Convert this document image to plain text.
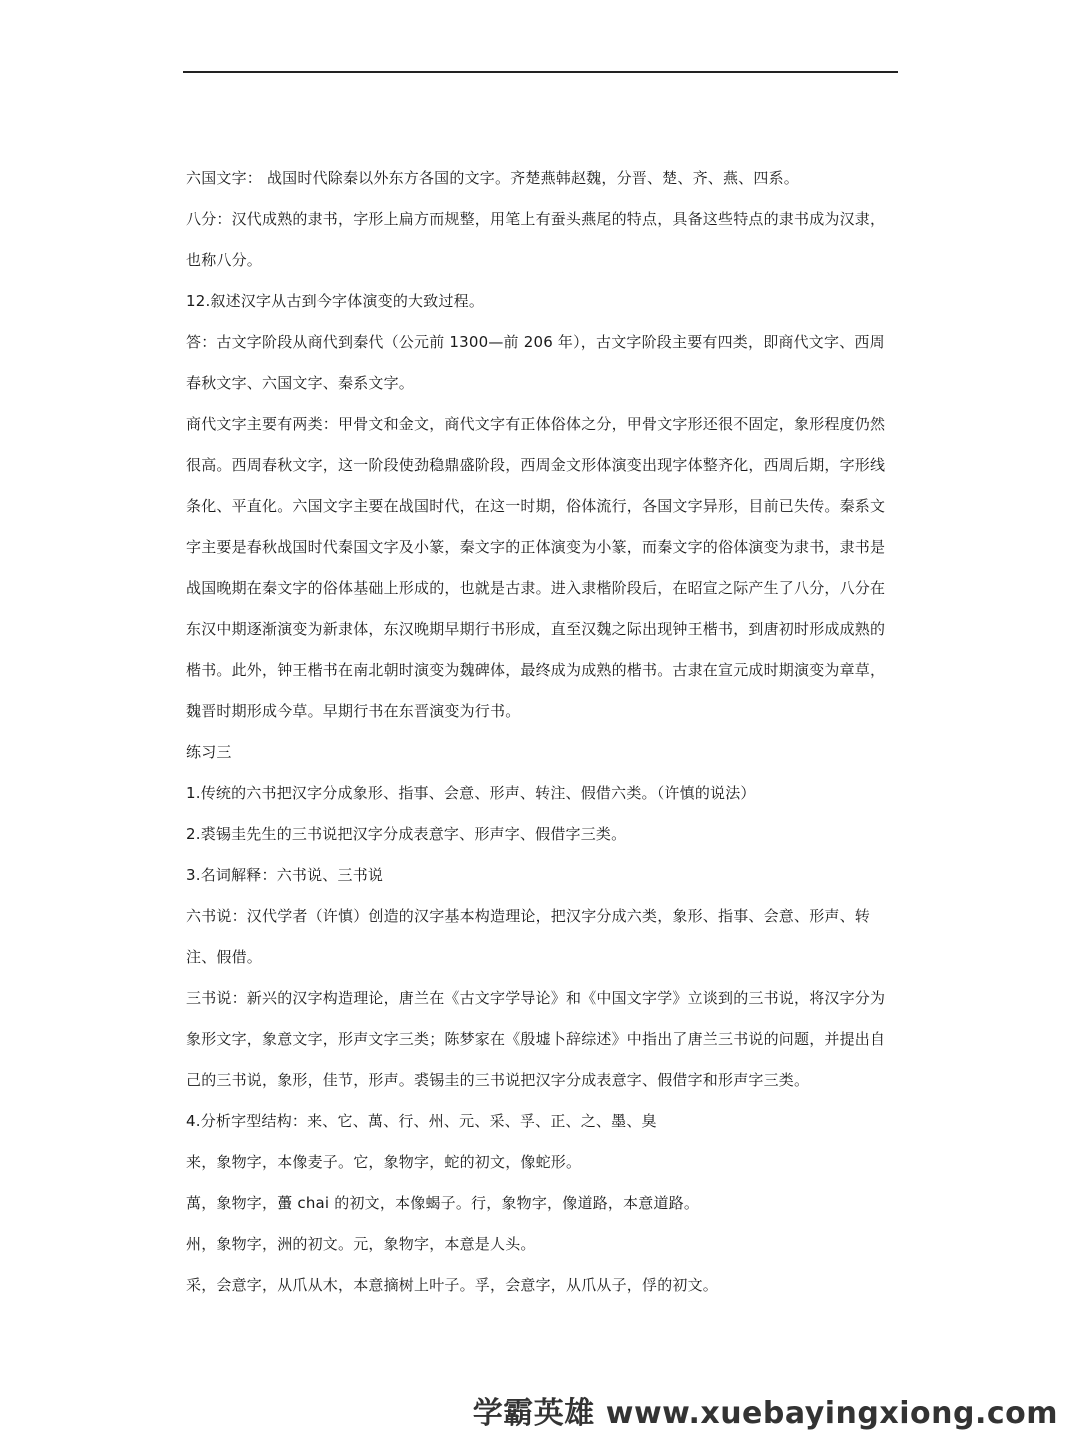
六国文字： 战国时代除秦以外东方各国的文字。齐楚燕韩赵魏，分晋、楚、齐、燕、四系。
八分：汉代成熟的隶书，字形上扁方而规整，用笔上有蚕头燕尾的特点，具备这些特点的隶书成为汉隶，
也称八分。
12.叙述汉字从古到今字体演变的大致过程。
答：古文字阶段从商代到秦代（公元前 1300—前 206 年），古文字阶段主要有四类，即商代文字、西周
春秋文字、六国文字、秦系文字。
商代文字主要有两类：甲骨文和金文，商代文字有正体俗体之分，甲骨文字形还很不固定，象形程度仍然
很高。西周春秋文字，这一阶段使劲稳鼎盛阶段，西周金文形体演变出现字体整齐化，西周后期，字形线
条化、平直化。六国文字主要在战国时代，在这一时期，俗体流行，各国文字异形，目前已失传。秦系文
字主要是春秋战国时代秦国文字及小篆，秦文字的正体演变为小篆，而秦文字的俗体演变为隶书，隶书是
战国晚期在秦文字的俗体基础上形成的，也就是古隶。进入隶楷阶段后，在昭宣之际产生了八分，八分在
东汉中期逐渐演变为新隶体，东汉晚期早期行书形成，直至汉魏之际出现钟王楷书，到唐初时形成成熟的
楷书。此外，钟王楷书在南北朝时演变为魏碑体，最终成为成熟的楷书。古隶在宣元成时期演变为章草，
魏晋时期形成今草。早期行书在东晋演变为行书。
练习三
1.传统的六书把汉字分成象形、指事、会意、形声、转注、假借六类。（许慎的说法）
2.裘锡圭先生的三书说把汉字分成表意字、形声字、假借字三类。
3.名词解释：六书说、三书说
六书说：汉代学者（许慎）创造的汉字基本构造理论，把汉字分成六类，象形、指事、会意、形声、转
注、假借。
三书说：新兴的汉字构造理论，唐兰在《古文字学导论》和《中国文字学》立谈到的三书说，将汉字分为
象形文字，象意文字，形声文字三类；陈梦家在《殷墟卜辞综述》中指出了唐兰三书说的问题，并提出自
己的三书说，象形，佳节，形声。裘锡圭的三书说把汉字分成表意字、假借字和形声字三类。
4.分析字型结构：来、它、萬、行、州、元、采、孚、正、之、墨、臭
来，象物字，本像麦子。它，象物字，蛇的初文，像蛇形。
萬，象物字，蠆 chai 的初文，本像蝎子。行，象物字，像道路，本意道路。
州，象物字，洲的初文。元，象物字，本意是人头。
采，会意字，从爪从木，本意摘树上叶子。孚，会意字，从爪从子，俘的初文。
学霸英雄 www.xuebayingxiong.com
